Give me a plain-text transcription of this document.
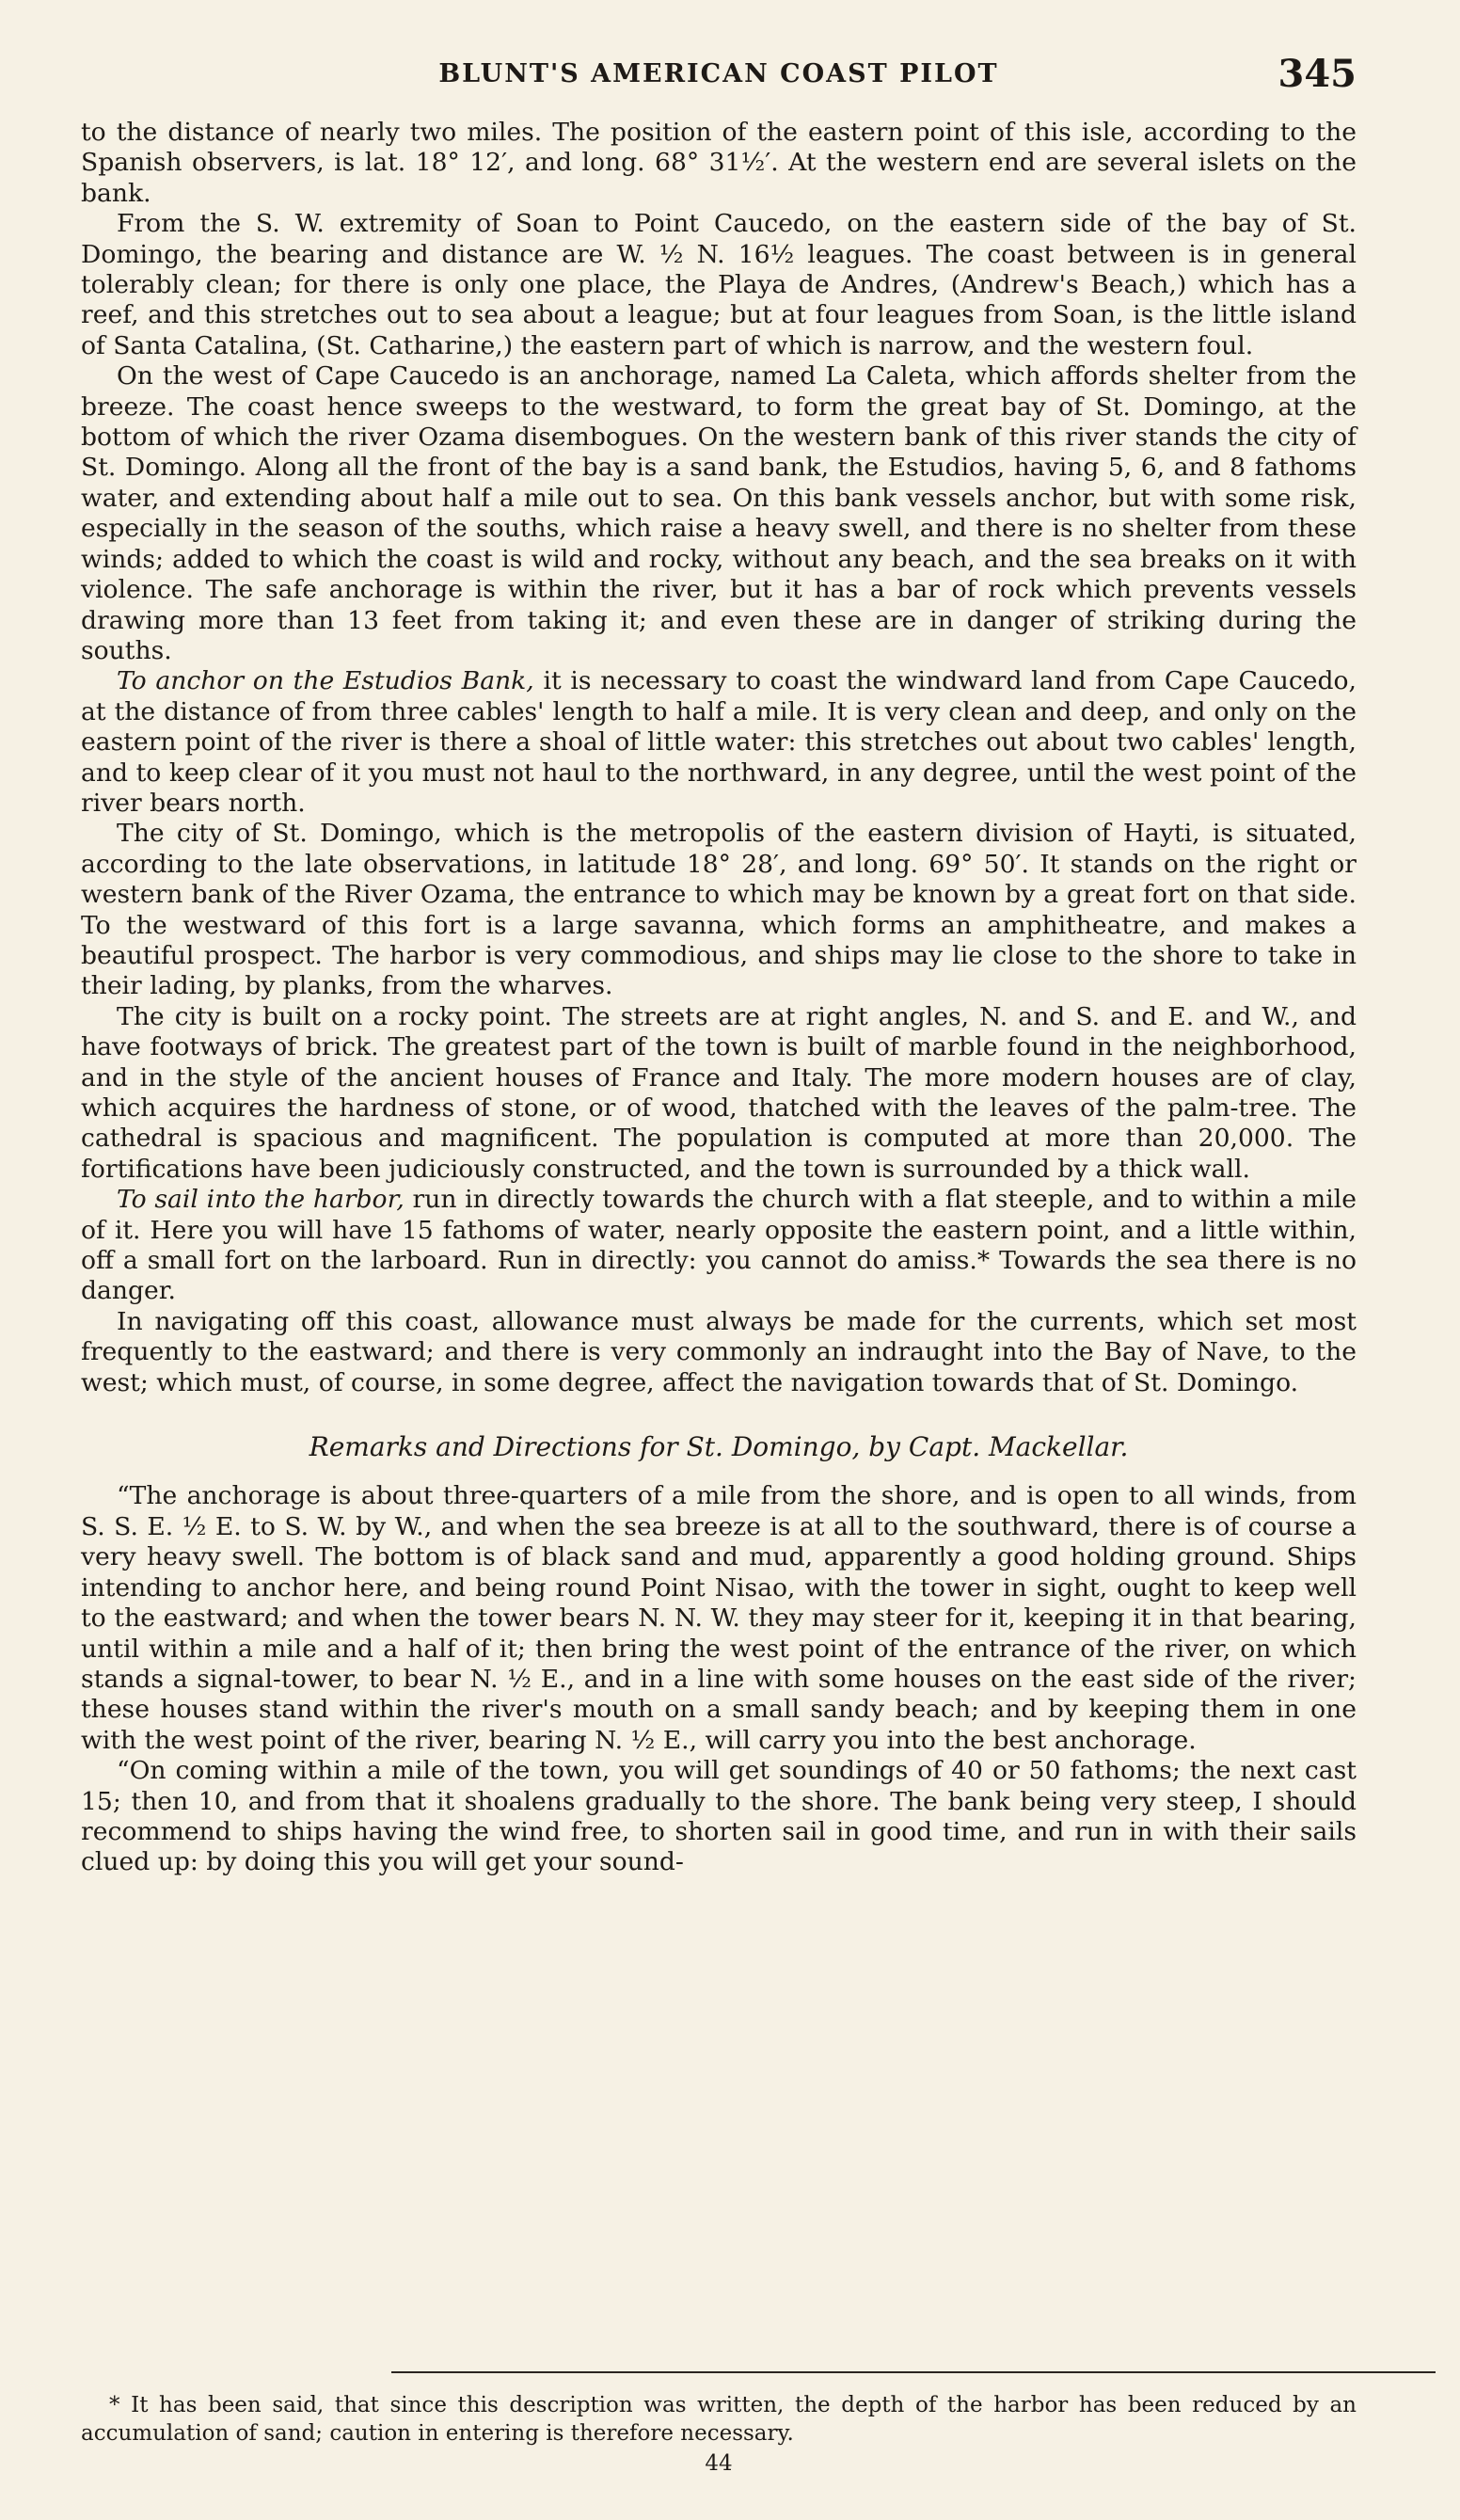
BLUNT'S AMERICAN COAST PILOT	345

to the distance of nearly two miles. The position of the eastern point of this isle, according to the Spanish observers, is lat. 18° 12′, and long. 68° 31½′. At the western end are several islets on the bank.

From the S. W. extremity of Soan to Point Caucedo, on the eastern side of the bay of St. Domingo, the bearing and distance are W. ½ N. 16½ leagues. The coast between is in general tolerably clean; for there is only one place, the Playa de Andres, (Andrew's Beach,) which has a reef, and this stretches out to sea about a league; but at four leagues from Soan, is the little island of Santa Catalina, (St. Catharine,) the eastern part of which is narrow, and the western foul.

On the west of Cape Caucedo is an anchorage, named La Caleta, which affords shelter from the breeze. The coast hence sweeps to the westward, to form the great bay of St. Domingo, at the bottom of which the river Ozama disembogues. On the western bank of this river stands the city of St. Domingo. Along all the front of the bay is a sand bank, the Estudios, having 5, 6, and 8 fathoms water, and extending about half a mile out to sea. On this bank vessels anchor, but with some risk, especially in the season of the souths, which raise a heavy swell, and there is no shelter from these winds; added to which the coast is wild and rocky, without any beach, and the sea breaks on it with violence. The safe anchorage is within the river, but it has a bar of rock which prevents vessels drawing more than 13 feet from taking it; and even these are in danger of striking during the souths.

To anchor on the Estudios Bank, it is necessary to coast the windward land from Cape Caucedo, at the distance of from three cables' length to half a mile. It is very clean and deep, and only on the eastern point of the river is there a shoal of little water: this stretches out about two cables' length, and to keep clear of it you must not haul to the northward, in any degree, until the west point of the river bears north.

The city of St. Domingo, which is the metropolis of the eastern division of Hayti, is situated, according to the late observations, in latitude 18° 28′, and long. 69° 50′. It stands on the right or western bank of the River Ozama, the entrance to which may be known by a great fort on that side. To the westward of this fort is a large savanna, which forms an amphitheatre, and makes a beautiful prospect. The harbor is very commodious, and ships may lie close to the shore to take in their lading, by planks, from the wharves.

The city is built on a rocky point. The streets are at right angles, N. and S. and E. and W., and have footways of brick. The greatest part of the town is built of marble found in the neighborhood, and in the style of the ancient houses of France and Italy. The more modern houses are of clay, which acquires the hardness of stone, or of wood, thatched with the leaves of the palm-tree. The cathedral is spacious and magnificent. The population is computed at more than 20,000. The fortifications have been judiciously constructed, and the town is surrounded by a thick wall.

To sail into the harbor, run in directly towards the church with a flat steeple, and to within a mile of it. Here you will have 15 fathoms of water, nearly opposite the eastern point, and a little within, off a small fort on the larboard. Run in directly: you cannot do amiss.* Towards the sea there is no danger.

In navigating off this coast, allowance must always be made for the currents, which set most frequently to the eastward; and there is very commonly an indraught into the Bay of Nave, to the west; which must, of course, in some degree, affect the navigation towards that of St. Domingo.

Remarks and Directions for St. Domingo, by Capt. Mackellar.

“The anchorage is about three-quarters of a mile from the shore, and is open to all winds, from S. S. E. ½ E. to S. W. by W., and when the sea breeze is at all to the southward, there is of course a very heavy swell. The bottom is of black sand and mud, apparently a good holding ground. Ships intending to anchor here, and being round Point Nisao, with the tower in sight, ought to keep well to the eastward; and when the tower bears N. N. W. they may steer for it, keeping it in that bearing, until within a mile and a half of it; then bring the west point of the entrance of the river, on which stands a signal-tower, to bear N. ½ E., and in a line with some houses on the east side of the river; these houses stand within the river's mouth on a small sandy beach; and by keeping them in one with the west point of the river, bearing N. ½ E., will carry you into the best anchorage.

“On coming within a mile of the town, you will get soundings of 40 or 50 fathoms; the next cast 15; then 10, and from that it shoalens gradually to the shore. The bank being very steep, I should recommend to ships having the wind free, to shorten sail in good time, and run in with their sails clued up: by doing this you will get your sound-

* It has been said, that since this description was written, the depth of the harbor has been reduced by an accumulation of sand; caution in entering is therefore necessary.
44
